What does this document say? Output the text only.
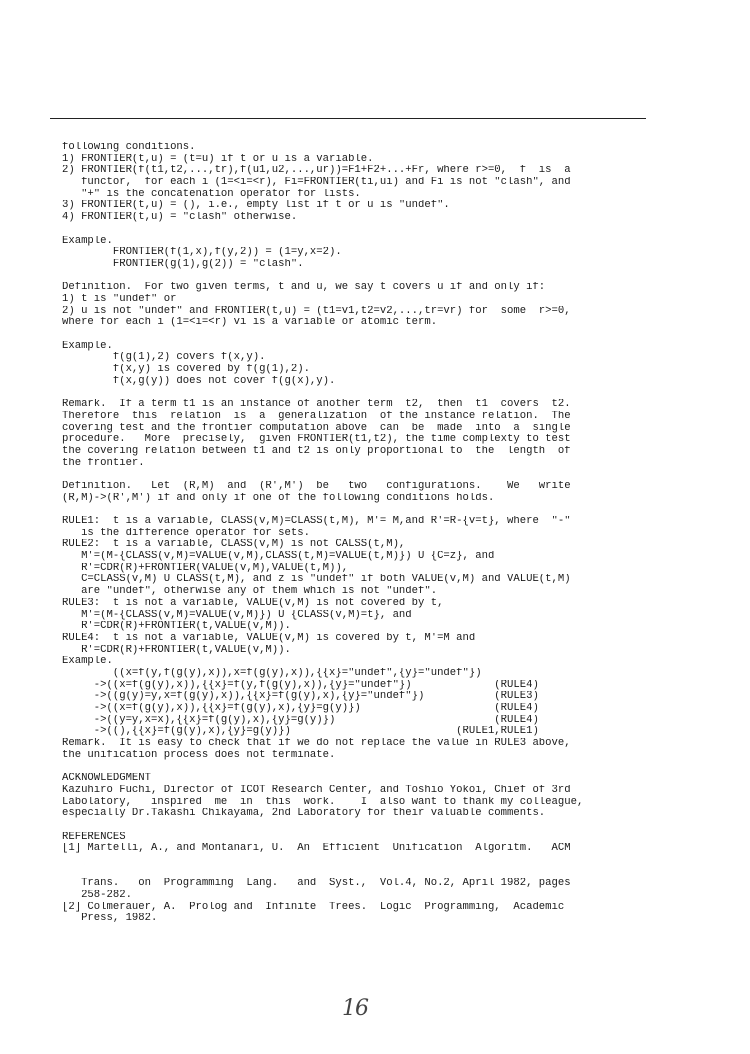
following conditions.
1) FRONTIER(t,u) = (t=u) if t or u is a variable.
2) FRONTIER(f(t1,t2,...,tr),f(u1,u2,...,ur))=F1+F2+...+Fr, where r>=0,  f  is  a
functor,  for each i (1=<i=<r), Fi=FRONTIER(ti,ui) and Fi is not "clash", and
"+" is the concatenation operator for lists.
3) FRONTIER(t,u) = (), i.e., empty list if t or u is "undef".
4) FRONTIER(t,u) = "clash" otherwise.
Example.
FRONTIER(f(1,x),f(y,2)) = (1=y,x=2).
FRONTIER(g(1),g(2)) = "clash".
Definition.  For two given terms, t and u, we say t covers u if and only if:
1) t is "undef" or
2) u is not "undef" and FRONTIER(t,u) = (t1=v1,t2=v2,...,tr=vr) for  some  r>=0,
where for each i (1=<i=<r) vi is a variable or atomic term.
Example.
f(g(1),2) covers f(x,y).
f(x,y) is covered by f(g(1),2).
f(x,g(y)) does not cover f(g(x),y).
Remark.  If a term t1 is an instance of another term  t2,  then  t1  covers  t2.
Therefore  this  relation  is  a  generalization  of the instance relation.  The
covering test and the frontier computation above  can  be  made  into  a  single
procedure.   More  precisely,  given FRONTIER(t1,t2), the time complexty to test
the covering relation between t1 and t2 is only proportional to  the  length  of
the frontier.
Definition.   Let  (R,M)  and  (R',M')  be   two   configurations.    We   write
(R,M)->(R',M') if and only if one of the following conditions holds.
RULE1:  t is a variable, CLASS(v,M)=CLASS(t,M), M'= M,and R'=R-{v=t}, where  "-"
is the difference operator for sets.
RULE2:  t is a variable, CLASS(v,M) is not CALSS(t,M),
M'=(M-{CLASS(v,M)=VALUE(v,M),CLASS(t,M)=VALUE(t,M)}) U {C=z}, and
R'=CDR(R)+FRONTIER(VALUE(v,M),VALUE(t,M)),
C=CLASS(v,M) U CLASS(t,M), and z is "undef" if both VALUE(v,M) and VALUE(t,M)
are "undef", otherwise any of them which is not "undef".
RULE3:  t is not a variable, VALUE(v,M) is not covered by t,
M'=(M-{CLASS(v,M)=VALUE(v,M)}) U {CLASS(v,M)=t}, and
R'=CDR(R)+FRONTIER(t,VALUE(v,M)).
RULE4:  t is not a variable, VALUE(v,M) is covered by t, M'=M and
R'=CDR(R)+FRONTIER(t,VALUE(v,M)).
Example.
((x=f(y,f(g(y),x)),x=f(g(y),x)),{{x}="undef",{y}="undef"})
->((x=f(g(y),x)),{{x}=f(y,f(g(y),x)),{y}="undef"})             (RULE4)
->((g(y)=y,x=f(g(y),x)),{{x}=f(g(y),x),{y}="undef"})           (RULE3)
->((x=f(g(y),x)),{{x}=f(g(y),x),{y}=g(y)})                     (RULE4)
->((y=y,x=x),{{x}=f(g(y),x),{y}=g(y)})                         (RULE4)
->((),{{x}=f(g(y),x),{y}=g(y)})                          (RULE1,RULE1)
Remark.  It is easy to check that if we do not replace the value in RULE3 above,
the unification process does not terminate.
ACKNOWLEDGMENT
Kazuhiro Fuchi, Director of ICOT Research Center, and Toshio Yokoi, Chief of 3rd
Labolatory,   inspired  me  in  this  work.    I  also want to thank my colleague,
especially Dr.Takashi Chikayama, 2nd Laboratory for their valuable comments.
REFERENCES
[1] Martelli, A., and Montanari, U.  An  Efficient  Unification  Algoritm.   ACM
Trans.   on  Programming  Lang.   and  Syst.,  Vol.4, No.2, April 1982, pages
258-282.
[2] Colmerauer, A.  Prolog and  Infinite  Trees.  Logic  Programming,  Academic
Press, 1982.
16
